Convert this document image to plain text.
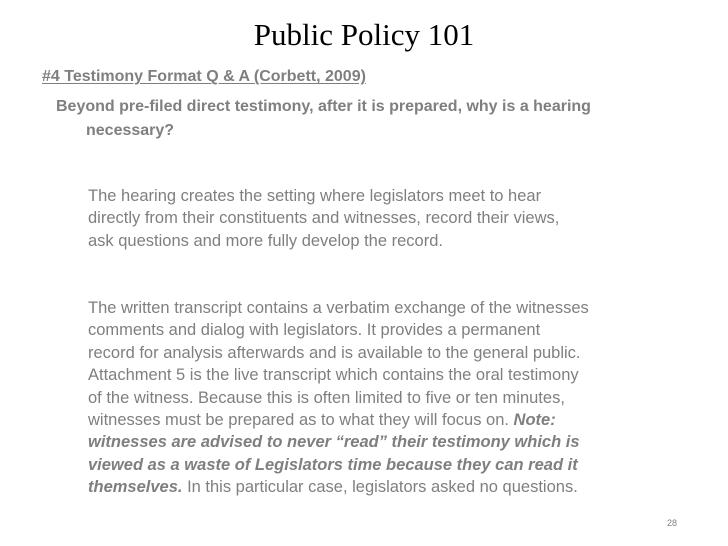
Public Policy 101
#4 Testimony Format Q & A (Corbett, 2009)
Beyond pre-filed direct testimony, after it is prepared, why is a hearing necessary?
The hearing creates the setting where legislators meet to hear
directly from their constituents and witnesses, record their views,
ask questions and more fully develop the record.
The written transcript contains a verbatim exchange of the witnesses
comments and dialog with legislators. It provides a permanent
record for analysis afterwards and is available to the general public.
Attachment 5 is the live transcript which contains the oral testimony
of the witness. Because this is often limited to five or ten minutes,
witnesses must be prepared as to what they will focus on. Note:
witnesses are advised to never “read” their testimony which is
viewed as a waste of Legislators time because they can read it
themselves. In this particular case, legislators asked no questions.
28
